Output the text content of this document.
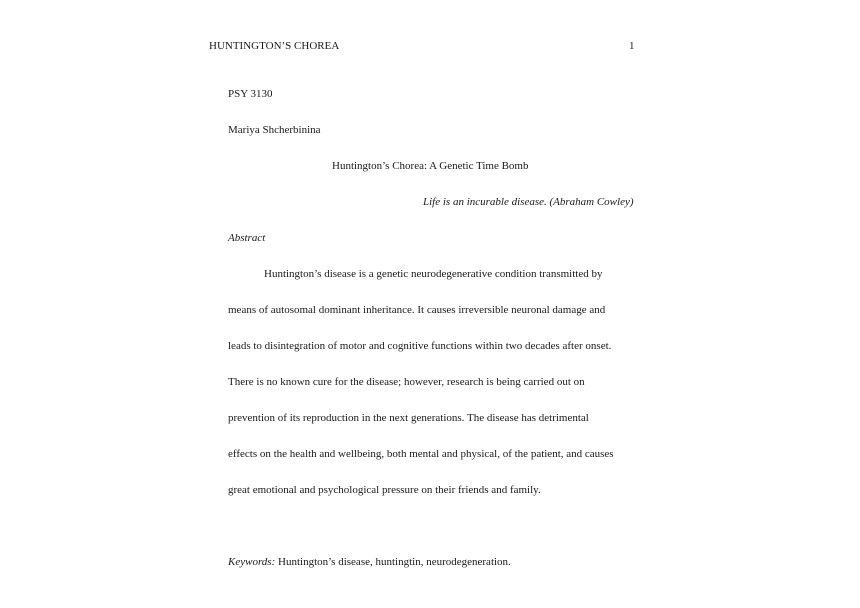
HUNTINGTON’S CHOREA	1
PSY 3130
Mariya Shcherbinina
Huntington’s Chorea: A Genetic Time Bomb
Life is an incurable disease. (Abraham Cowley)
Abstract
Huntington’s disease is a genetic neurodegenerative condition transmitted by
means of autosomal dominant inheritance. It causes irreversible neuronal damage and
leads to disintegration of motor and cognitive functions within two decades after onset.
There is no known cure for the disease; however, research is being carried out on
prevention of its reproduction in the next generations. The disease has detrimental
effects on the health and wellbeing, both mental and physical, of the patient, and causes
great emotional and psychological pressure on their friends and family.
Keywords: Huntington’s disease, huntingtin, neurodegeneration.
